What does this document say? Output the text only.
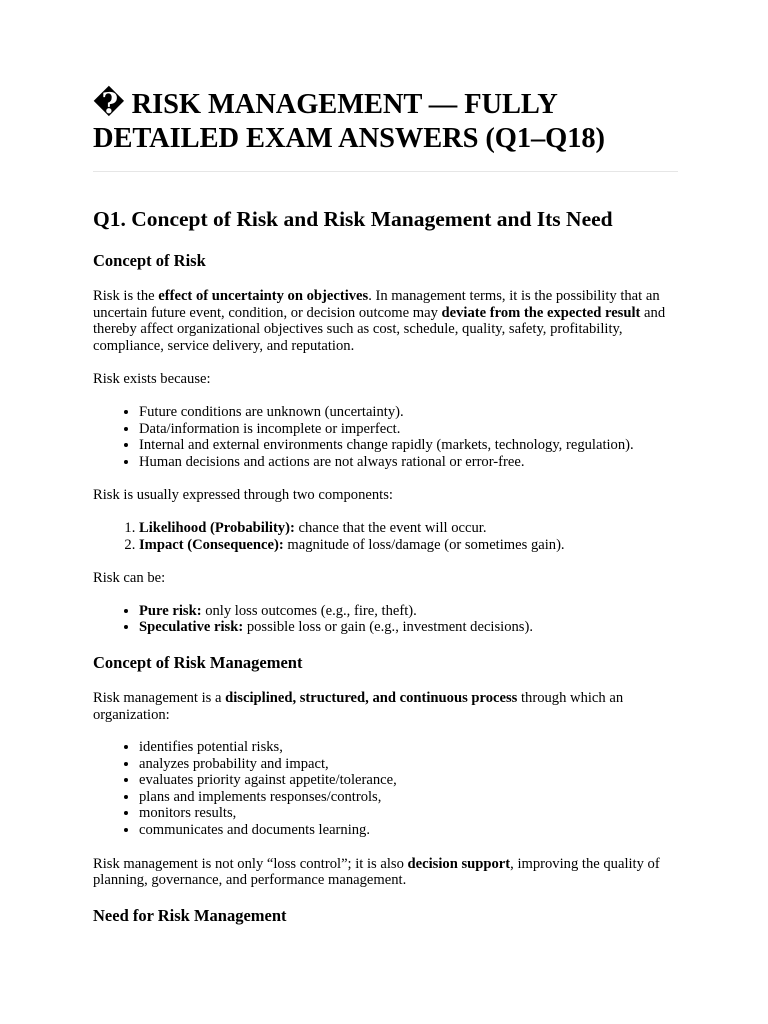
� RISK MANAGEMENT — FULLY DETAILED EXAM ANSWERS (Q1–Q18)
Q1. Concept of Risk and Risk Management and Its Need
Concept of Risk

Risk is the effect of uncertainty on objectives. In management terms, it is the possibility that an uncertain future event, condition, or decision outcome may deviate from the expected result and thereby affect organizational objectives such as cost, schedule, quality, safety, profitability, compliance, service delivery, and reputation.

Risk exists because:

• Future conditions are unknown (uncertainty).
• Data/information is incomplete or imperfect.
• Internal and external environments change rapidly (markets, technology, regulation).
• Human decisions and actions are not always rational or error-free.

Risk is usually expressed through two components:

1. Likelihood (Probability): chance that the event will occur.
2. Impact (Consequence): magnitude of loss/damage (or sometimes gain).

Risk can be:

• Pure risk: only loss outcomes (e.g., fire, theft).
• Speculative risk: possible loss or gain (e.g., investment decisions).
Concept of Risk Management

Risk management is a disciplined, structured, and continuous process through which an organization:

• identifies potential risks,
• analyzes probability and impact,
• evaluates priority against appetite/tolerance,
• plans and implements responses/controls,
• monitors results,
• communicates and documents learning.

Risk management is not only “loss control”; it is also decision support, improving the quality of planning, governance, and performance management.

Need for Risk Management
